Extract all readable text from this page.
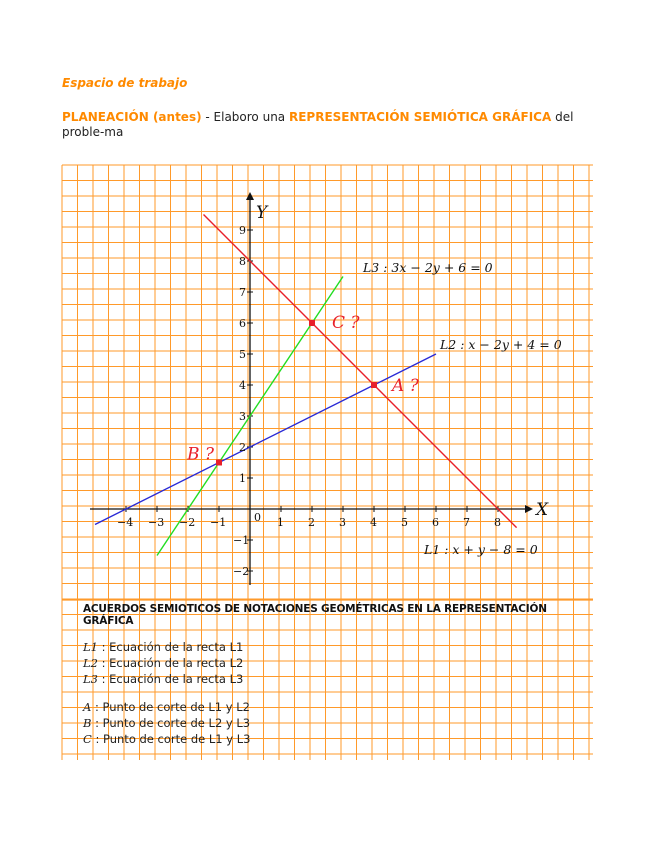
Espacio de trabajo
PLANEACIÓN (antes) - Elaboro una REPRESENTACIÓN SEMIÓTICA GRÁFICA del proble-ma
−4 −3 −2 −1	1 2 3 4 5 6 7 8
−2
−1
1
2
3
4
5
6
7
8
9
0	X
Y
L1 : x + y − 8 = 0
L2 : x − 2y + 4 = 0
L3 : 3x − 2y + 6 = 0
A ?
B ?
C ?
ACUERDOS SEMIOTICOS DE NOTACIONES GEOMÉTRICAS EN LA REPRESENTACIÓN GRÁFICA
L1 : Ecuación de la recta L1
L2 : Ecuación de la recta L2
L3 : Ecuación de la recta L3
A : Punto de corte de L1 y L2
B : Punto de corte de L2 y L3
C : Punto de corte de L1 y L3
